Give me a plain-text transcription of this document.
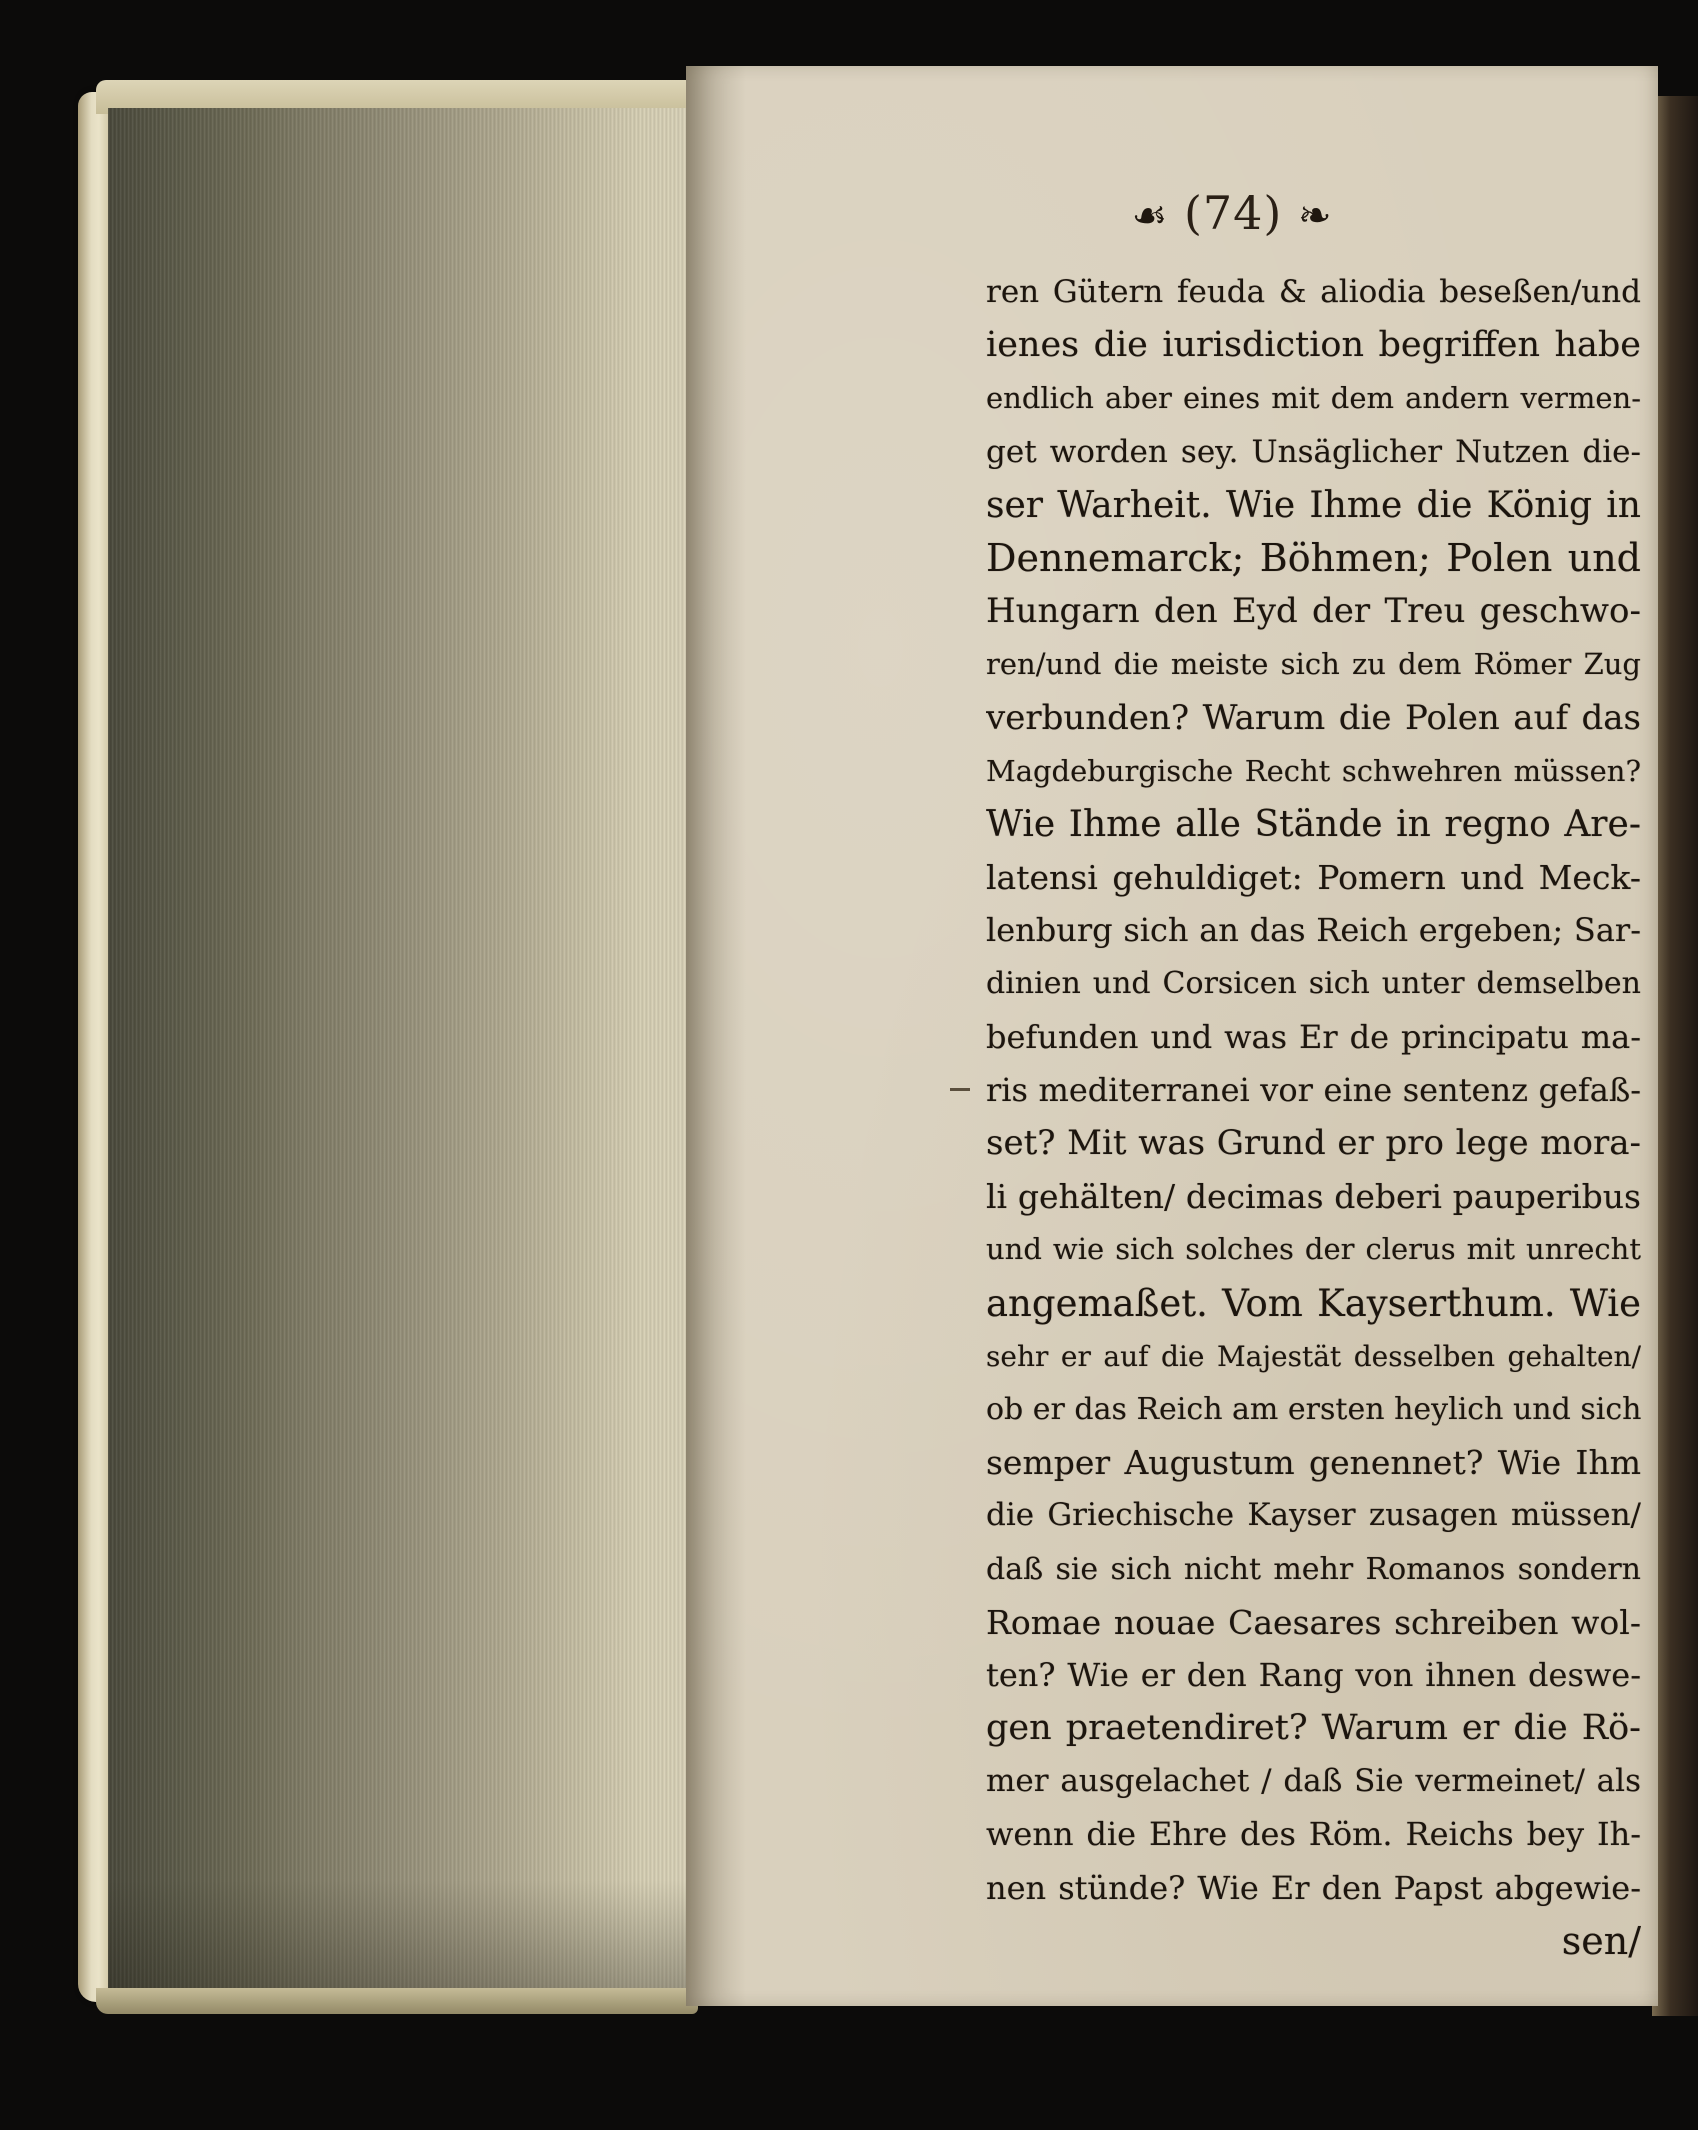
☙ (74) ❧
ren Gütern feuda & aliodia beseßen/und
ienes die iurisdiction begriffen habe
endlich aber eines mit dem andern vermen-
get worden sey. Unsäglicher Nutzen die-
ser Warheit. Wie Ihme die König in
Dennemarck; Böhmen; Polen und
Hungarn den Eyd der Treu geschwo-
ren/und die meiste sich zu dem Römer Zug
verbunden? Warum die Polen auf das
Magdeburgische Recht schwehren müssen?
Wie Ihme alle Stände in regno Are-
latensi gehuldiget: Pomern und Meck-
lenburg sich an das Reich ergeben; Sar-
dinien und Corsicen sich unter demselben
befunden und was Er de principatu ma-
ris mediterranei vor eine sentenz gefaß-
set? Mit was Grund er pro lege mora-
li gehälten/ decimas deberi pauperibus
und wie sich solches der clerus mit unrecht
angemaßet. Vom Kayserthum. Wie
sehr er auf die Majestät desselben gehalten/
ob er das Reich am ersten heylich und sich
semper Augustum genennet? Wie Ihm
die Griechische Kayser zusagen müssen/
daß sie sich nicht mehr Romanos sondern
Romae nouae Caesares schreiben wol-
ten? Wie er den Rang von ihnen deswe-
gen praetendiret? Warum er die Rö-
mer ausgelachet / daß Sie vermeinet/ als
wenn die Ehre des Röm. Reichs bey Ih-
nen stünde? Wie Er den Papst abgewie-
sen/
